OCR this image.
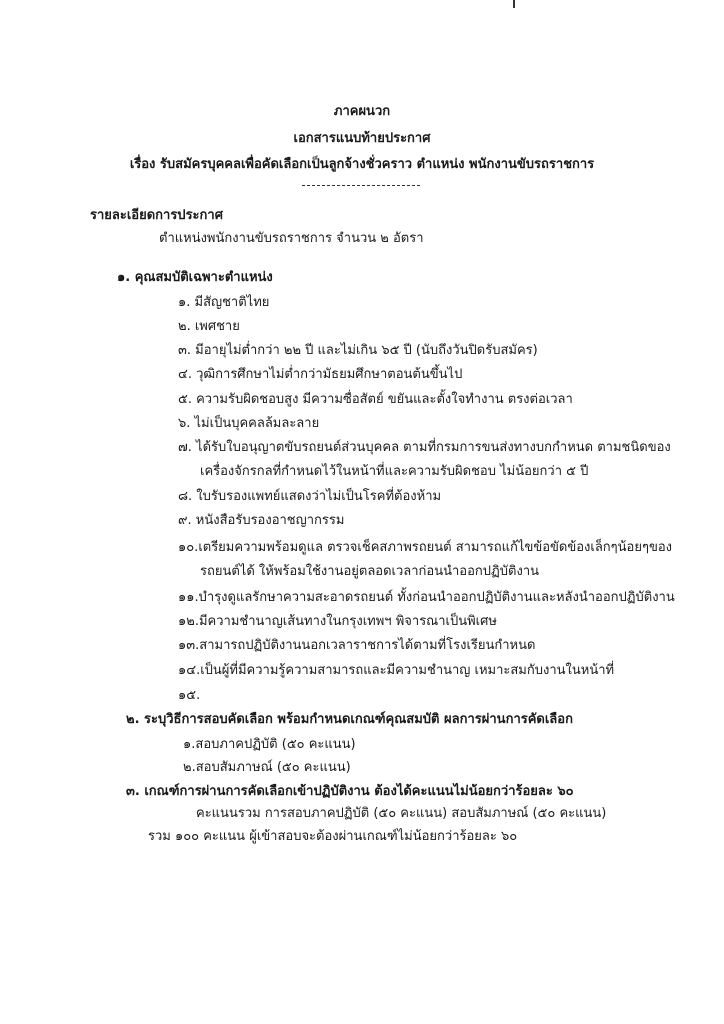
ภาคผนวก
เอกสารแนบท้ายประกาศ
เรื่อง รับสมัครบุคคลเพื่อคัดเลือกเป็นลูกจ้างชั่วคราว ตำแหน่ง พนักงานขับรถราชการ
รายละเอียดการประกาศ
ตำแหน่งพนักงานขับรถราชการ จำนวน ๒ อัตรา
๑. คุณสมบัติเฉพาะตำแหน่ง
๑. มีสัญชาติไทย
๒. เพศชาย
๓. มีอายุไม่ต่ำกว่า ๒๒ ปี และไม่เกิน ๖๕ ปี (นับถึงวันปิดรับสมัคร)
๔. วุฒิการศึกษาไม่ต่ำกว่ามัธยมศึกษาตอนต้นขึ้นไป
๕. ความรับผิดชอบสูง มีความซื่อสัตย์ ขยันและตั้งใจทำงาน ตรงต่อเวลา
๖. ไม่เป็นบุคคลล้มละลาย
๗. ได้รับใบอนุญาตขับรถยนต์ส่วนบุคคล ตามที่กรมการขนส่งทางบกกำหนด ตามชนิดของ
เครื่องจักรกลที่กำหนดไว้ในหน้าที่และความรับผิดชอบ ไม่น้อยกว่า ๕ ปี
๘. ใบรับรองแพทย์แสดงว่าไม่เป็นโรคที่ต้องห้าม
๙. หนังสือรับรองอาชญากรรม
๑๐.เตรียมความพร้อมดูแล ตรวจเช็คสภาพรถยนต์ สามารถแก้ไขข้อขัดข้องเล็กๆน้อยๆของ
รถยนต์ได้ ให้พร้อมใช้งานอยู่ตลอดเวลาก่อนนำออกปฏิบัติงาน
๑๑.บำรุงดูแลรักษาความสะอาดรถยนต์ ทั้งก่อนนำออกปฏิบัติงานและหลังนำออกปฏิบัติงาน
๑๒.มีความชำนาญเส้นทางในกรุงเทพฯ พิจารณาเป็นพิเศษ
๑๓.สามารถปฏิบัติงานนอกเวลาราชการได้ตามที่โรงเรียนกำหนด
๑๔.เป็นผู้ที่มีความรู้ความสามารถและมีความชำนาญ เหมาะสมกับงานในหน้าที่
๑๕.
๒. ระบุวิธีการสอบคัดเลือก พร้อมกำหนดเกณฑ์คุณสมบัติ ผลการผ่านการคัดเลือก
๑.สอบภาคปฏิบัติ (๕๐ คะแนน)
๒.สอบสัมภาษณ์ (๕๐ คะแนน)
๓. เกณฑ์การผ่านการคัดเลือกเข้าปฏิบัติงาน ต้องได้คะแนนไม่น้อยกว่าร้อยละ ๖๐
คะแนนรวม การสอบภาคปฏิบัติ (๕๐ คะแนน) สอบสัมภาษณ์ (๕๐ คะแนน)
รวม ๑๐๐ คะแนน ผู้เข้าสอบจะต้องผ่านเกณฑ์ไม่น้อยกว่าร้อยละ ๖๐
